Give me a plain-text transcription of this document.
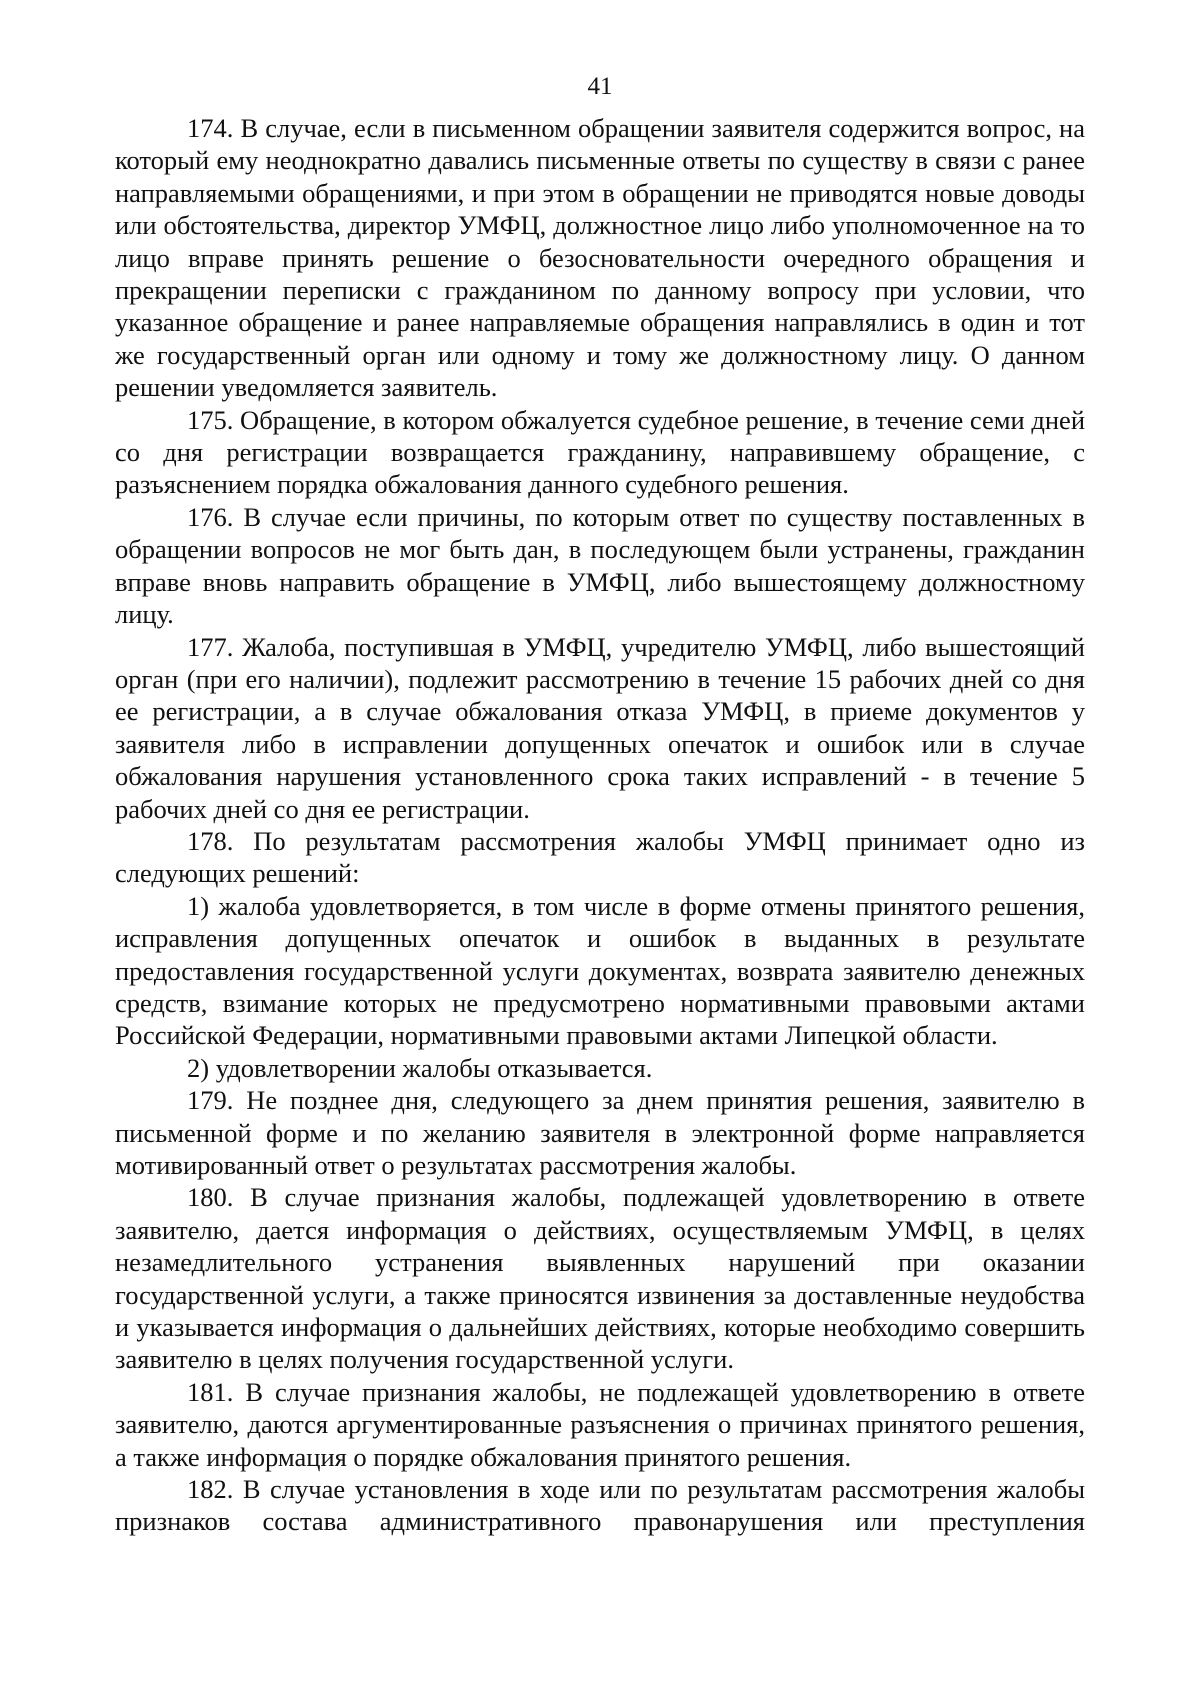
41

174. В случае, если в письменном обращении заявителя содержится вопрос, на который ему неоднократно давались письменные ответы по существу в связи с ранее направляемыми обращениями, и при этом в обращении не приводятся новые доводы или обстоятельства, директор УМФЦ, должностное лицо либо уполномоченное на то лицо вправе принять решение о безосновательности очередного обращения и прекращении переписки с гражданином по данному вопросу при условии, что указанное обращение и ранее направляемые обращения направлялись в один и тот же государственный орган или одному и тому же должностному лицу. О данном решении уведомляется заявитель.

175. Обращение, в котором обжалуется судебное решение, в течение семи дней со дня регистрации возвращается гражданину, направившему обращение, с разъяснением порядка обжалования данного судебного решения.

176. В случае если причины, по которым ответ по существу поставленных в обращении вопросов не мог быть дан, в последующем были устранены, гражданин вправе вновь направить обращение в УМФЦ, либо вышестоящему должностному лицу.

177. Жалоба, поступившая в УМФЦ, учредителю УМФЦ, либо вышестоящий орган (при его наличии), подлежит рассмотрению в течение 15 рабочих дней со дня ее регистрации, а в случае обжалования отказа УМФЦ, в приеме документов у заявителя либо в исправлении допущенных опечаток и ошибок или в случае обжалования нарушения установленного срока таких исправлений - в течение 5 рабочих дней со дня ее регистрации.

178. По результатам рассмотрения жалобы УМФЦ принимает одно из следующих решений:

1) жалоба удовлетворяется, в том числе в форме отмены принятого решения, исправления допущенных опечаток и ошибок в выданных в результате предоставления государственной услуги документах, возврата заявителю денежных средств, взимание которых не предусмотрено нормативными правовыми актами Российской Федерации, нормативными правовыми актами Липецкой области.

2) удовлетворении жалобы отказывается.

179. Не позднее дня, следующего за днем принятия решения, заявителю в письменной форме и по желанию заявителя в электронной форме направляется мотивированный ответ о результатах рассмотрения жалобы.

180. В случае признания жалобы, подлежащей удовлетворению в ответе заявителю, дается информация о действиях, осуществляемым УМФЦ, в целях незамедлительного устранения выявленных нарушений при оказании государственной услуги, а также приносятся извинения за доставленные неудобства и указывается информация о дальнейших действиях, которые необходимо совершить заявителю в целях получения государственной услуги.

181. В случае признания жалобы, не подлежащей удовлетворению в ответе заявителю, даются аргументированные разъяснения о причинах принятого решения, а также информация о порядке обжалования принятого решения.

182. В случае установления в ходе или по результатам рассмотрения жалобы признаков состава административного правонарушения или преступления
